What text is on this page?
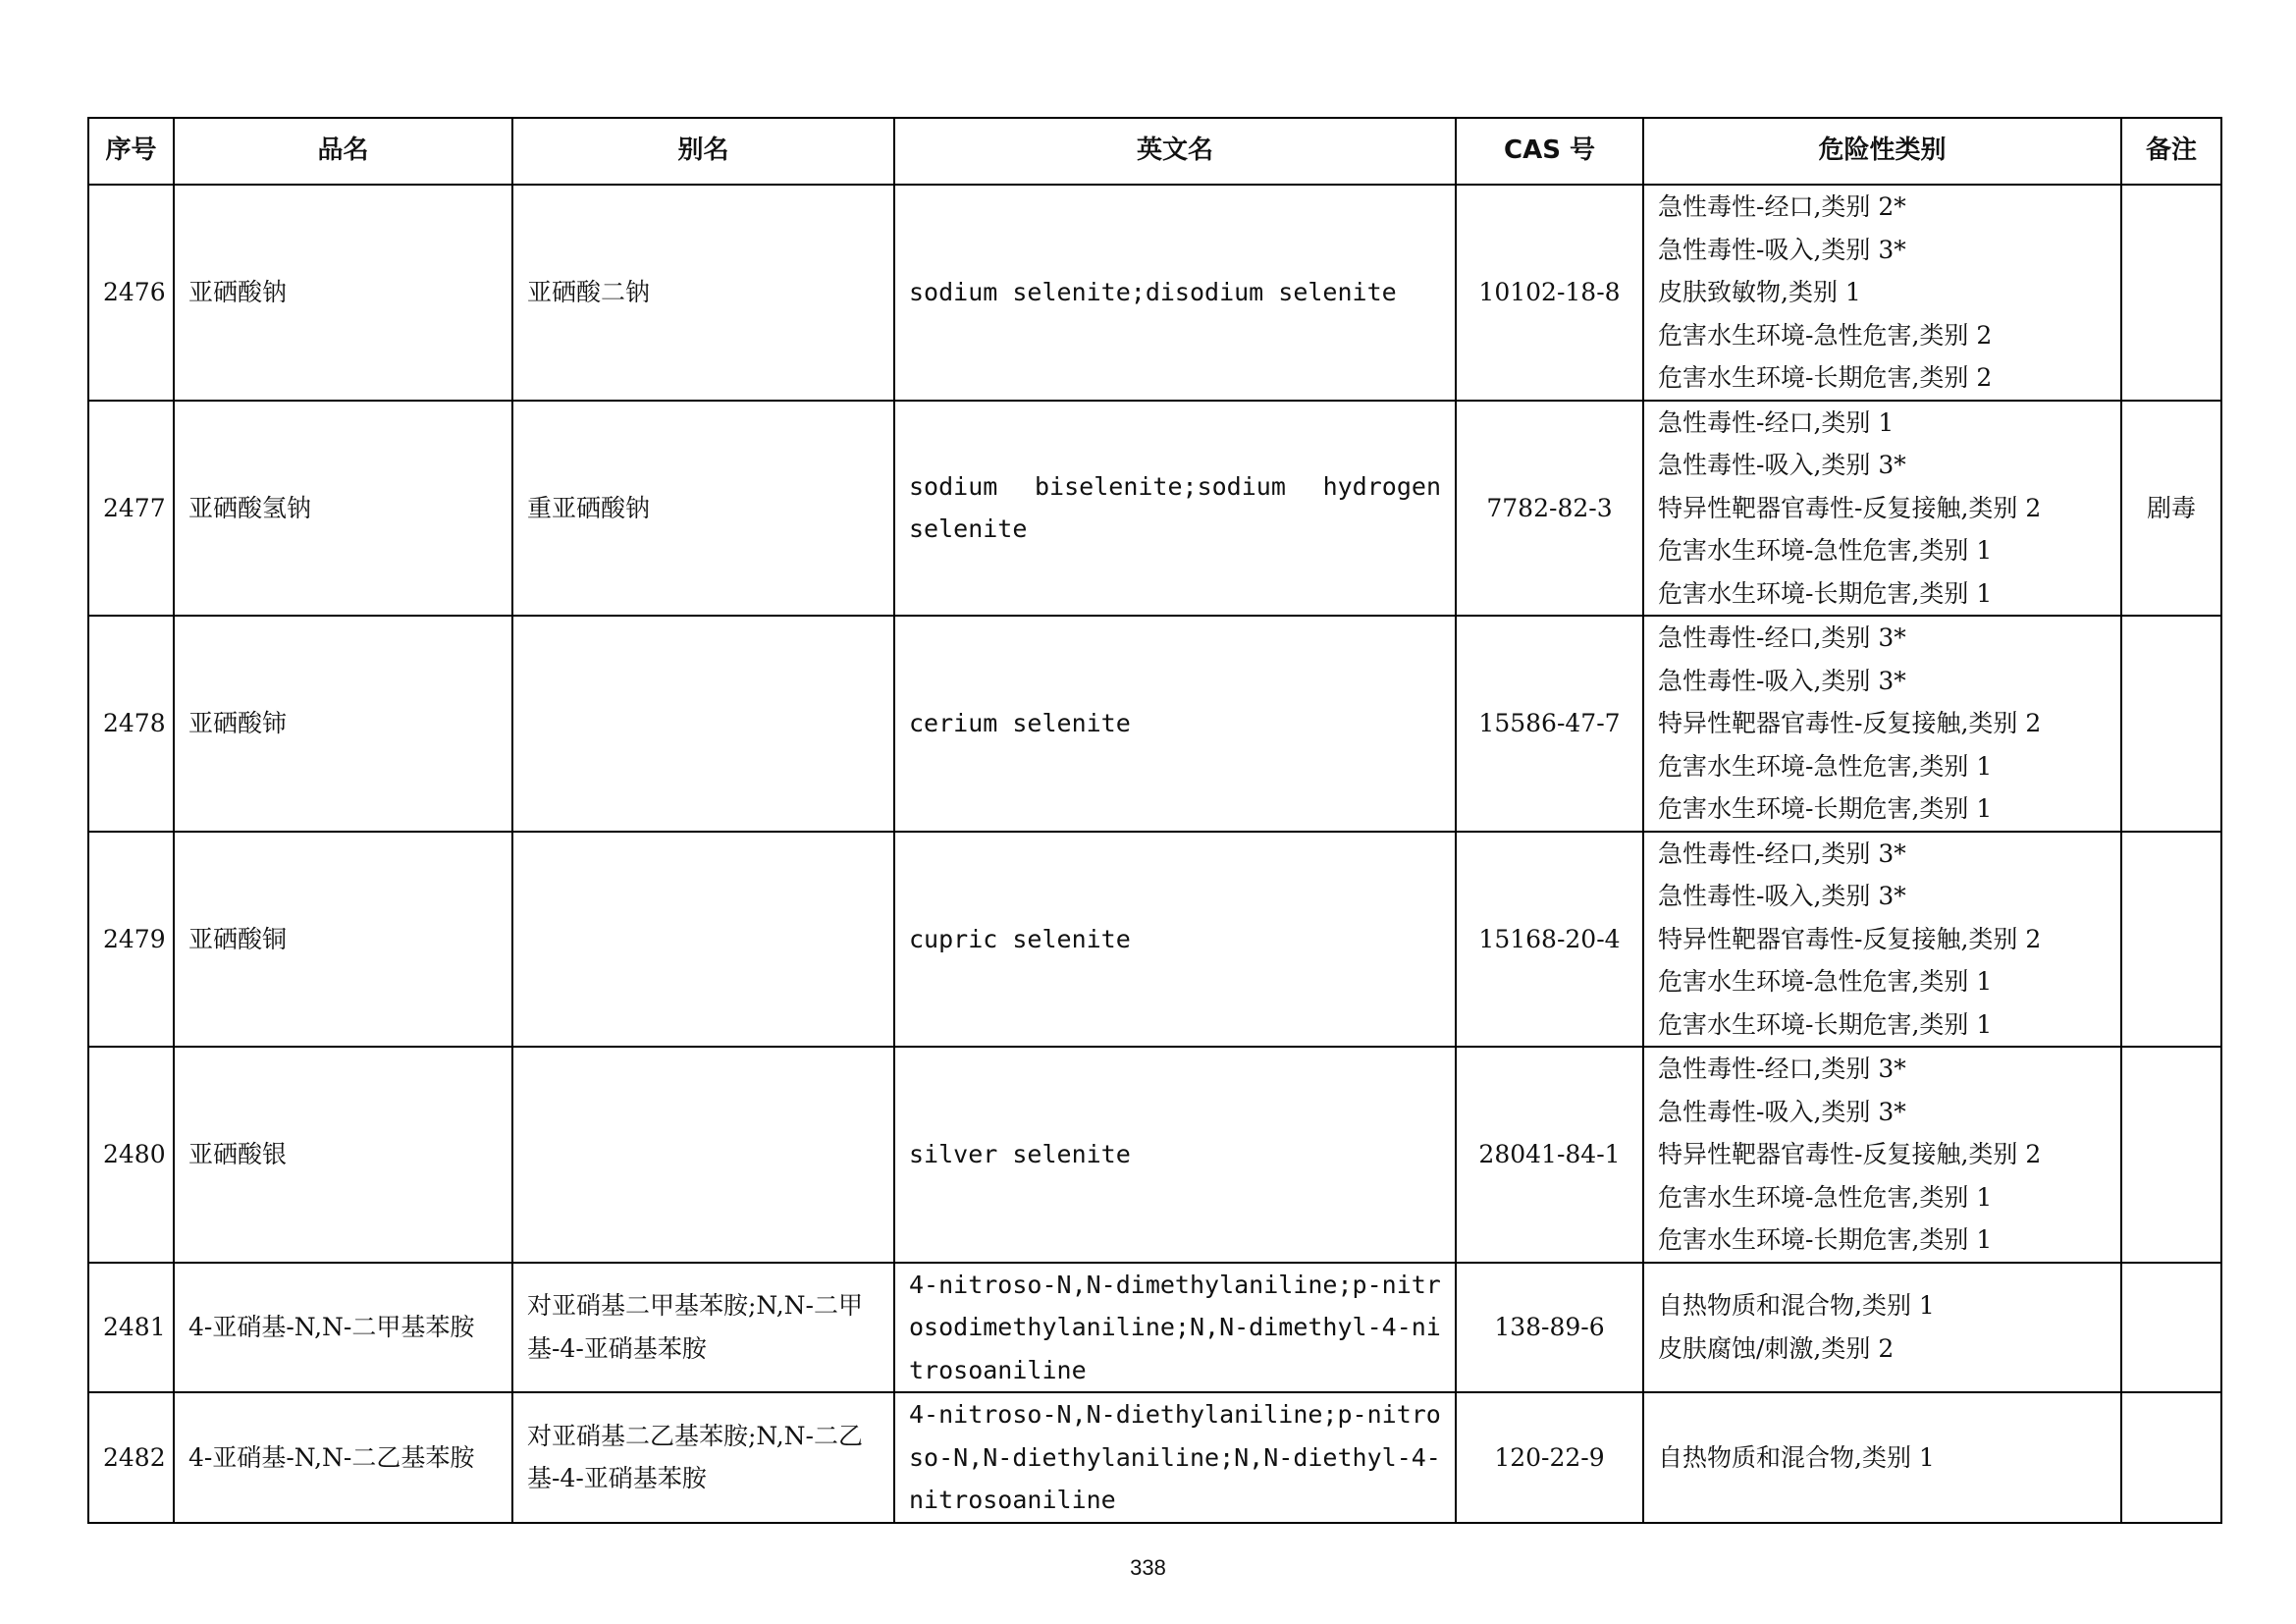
序号	品名	别名	英文名	CAS 号	危险性类别	备注
2476	亚硒酸钠	亚硒酸二钠	sodium selenite;disodium selenite	10102-18-8	急性毒性-经口,类别 2*
急性毒性-吸入,类别 3*
皮肤致敏物,类别 1
危害水生环境-急性危害,类别 2
危害水生环境-长期危害,类别 2	

2477	亚硒酸氢钠	重亚硒酸钠	sodium biselenite;sodium hydrogen selenite	7782-82-3	急性毒性-经口,类别 1
急性毒性-吸入,类别 3*
特异性靶器官毒性-反复接触,类别 2
危害水生环境-急性危害,类别 1
危害水生环境-长期危害,类别 1	剧毒
2478	亚硒酸铈		cerium selenite	15586-47-7	急性毒性-经口,类别 3*
急性毒性-吸入,类别 3*
特异性靶器官毒性-反复接触,类别 2
危害水生环境-急性危害,类别 1
危害水生环境-长期危害,类别 1	

2479	亚硒酸铜		cupric selenite	15168-20-4	急性毒性-经口,类别 3*
急性毒性-吸入,类别 3*
特异性靶器官毒性-反复接触,类别 2
危害水生环境-急性危害,类别 1
危害水生环境-长期危害,类别 1	

2480	亚硒酸银		silver selenite	28041-84-1	急性毒性-经口,类别 3*
急性毒性-吸入,类别 3*
特异性靶器官毒性-反复接触,类别 2
危害水生环境-急性危害,类别 1
危害水生环境-长期危害,类别 1	

2481	4-亚硝基-N,N-二甲基苯胺	对亚硝基二甲基苯胺;N,N-二甲基-4-亚硝基苯胺	4-nitroso-N,N-dimethylaniline;p-nitrosodimethylaniline;N,N-dimethyl-4-nitrosoaniline	138-89-6	自热物质和混合物,类别 1
皮肤腐蚀/刺激,类别 2	

2482	4-亚硝基-N,N-二乙基苯胺	对亚硝基二乙基苯胺;N,N-二乙基-4-亚硝基苯胺	4-nitroso-N,N-diethylaniline;p-nitroso-N,N-diethylaniline;N,N-diethyl-4-nitrosoaniline	120-22-9	自热物质和混合物,类别 1	

338
